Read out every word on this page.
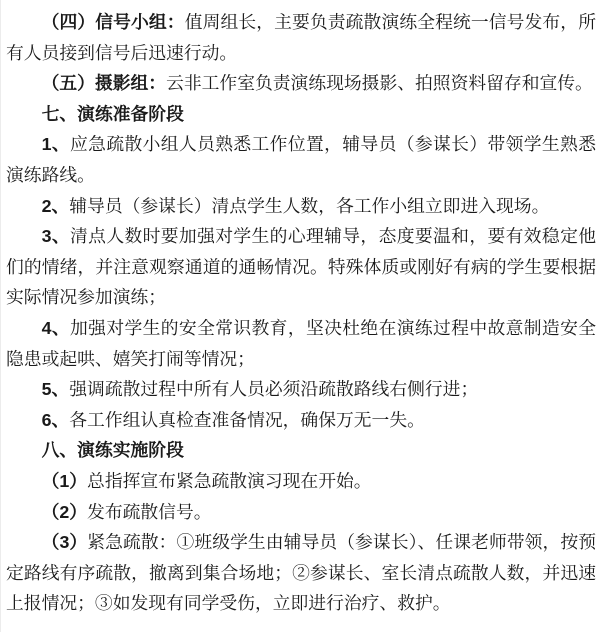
（四）信号小组：值周组长，主要负责疏散演练全程统一信号发布，所有人员接到信号后迅速行动。

（五）摄影组：云非工作室负责演练现场摄影、拍照资料留存和宣传。

七、演练准备阶段

1、应急疏散小组人员熟悉工作位置，辅导员（参谋长）带领学生熟悉演练路线。

2、辅导员（参谋长）清点学生人数，各工作小组立即进入现场。

3、清点人数时要加强对学生的心理辅导，态度要温和，要有效稳定他们的情绪，并注意观察通道的通畅情况。特殊体质或刚好有病的学生要根据实际情况参加演练；

4、加强对学生的安全常识教育，坚决杜绝在演练过程中故意制造安全隐患或起哄、嬉笑打闹等情况；

5、强调疏散过程中所有人员必须沿疏散路线右侧行进；

6、各工作组认真检查准备情况，确保万无一失。

八、演练实施阶段

（1）总指挥宣布紧急疏散演习现在开始。

（2）发布疏散信号。

（3）紧急疏散：①班级学生由辅导员（参谋长）、任课老师带领，按预定路线有序疏散，撤离到集合场地；②参谋长、室长清点疏散人数，并迅速上报情况；③如发现有同学受伤，立即进行治疗、救护。
